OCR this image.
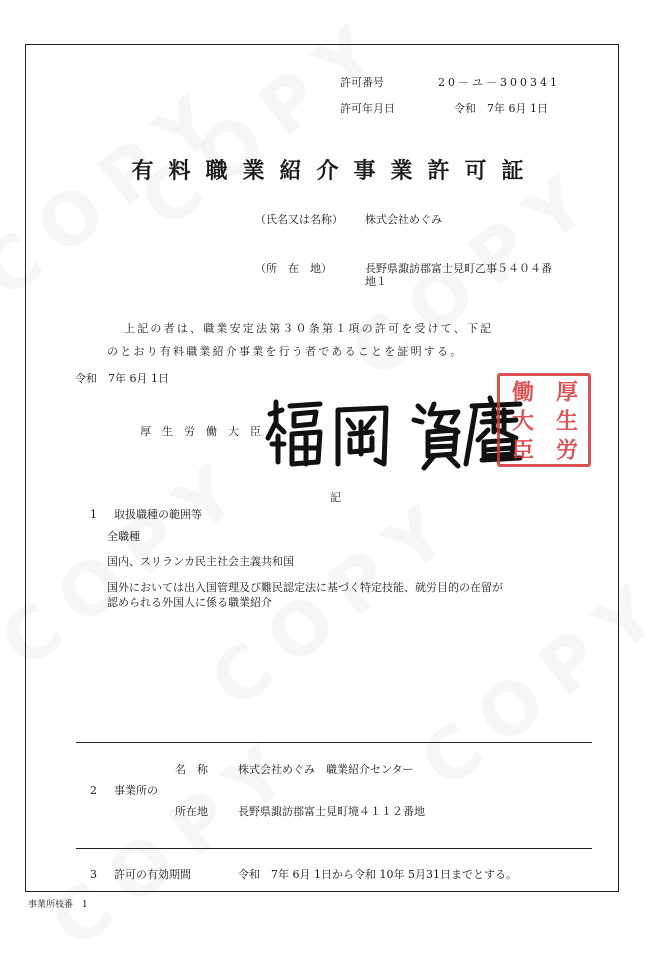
許可番号	20－ユ－300341
許可年月日	令和　7年 6月 1日
有料職業紹介事業許可証
（氏名又は名称） 株式会社めぐみ
（所　在　地）	長野県諏訪郡富士見町乙事５４０４番
地１
上記の者は、職業安定法第３０条第１項の許可を受けて、下記
のとおり有料職業紹介事業を行う者であることを証明する。
令和　7年 6月 1日
厚　生　労　働　大　臣
厚
生
労
働
大
臣
記
1 取扱職種の範囲等
全職種
国内、スリランカ民主社会主義共和国
国外においては出入国管理及び難民認定法に基づく特定技能、就労目的の在留が
認められる外国人に係る職業紹介
名　称	株式会社めぐみ　職業紹介センター
2 事業所の
所在地	長野県諏訪郡富士見町境４１１２番地
3 許可の有効期間	令和　7年 6月 1日から令和 10年 5月31日までとする。
事業所枝番　1
